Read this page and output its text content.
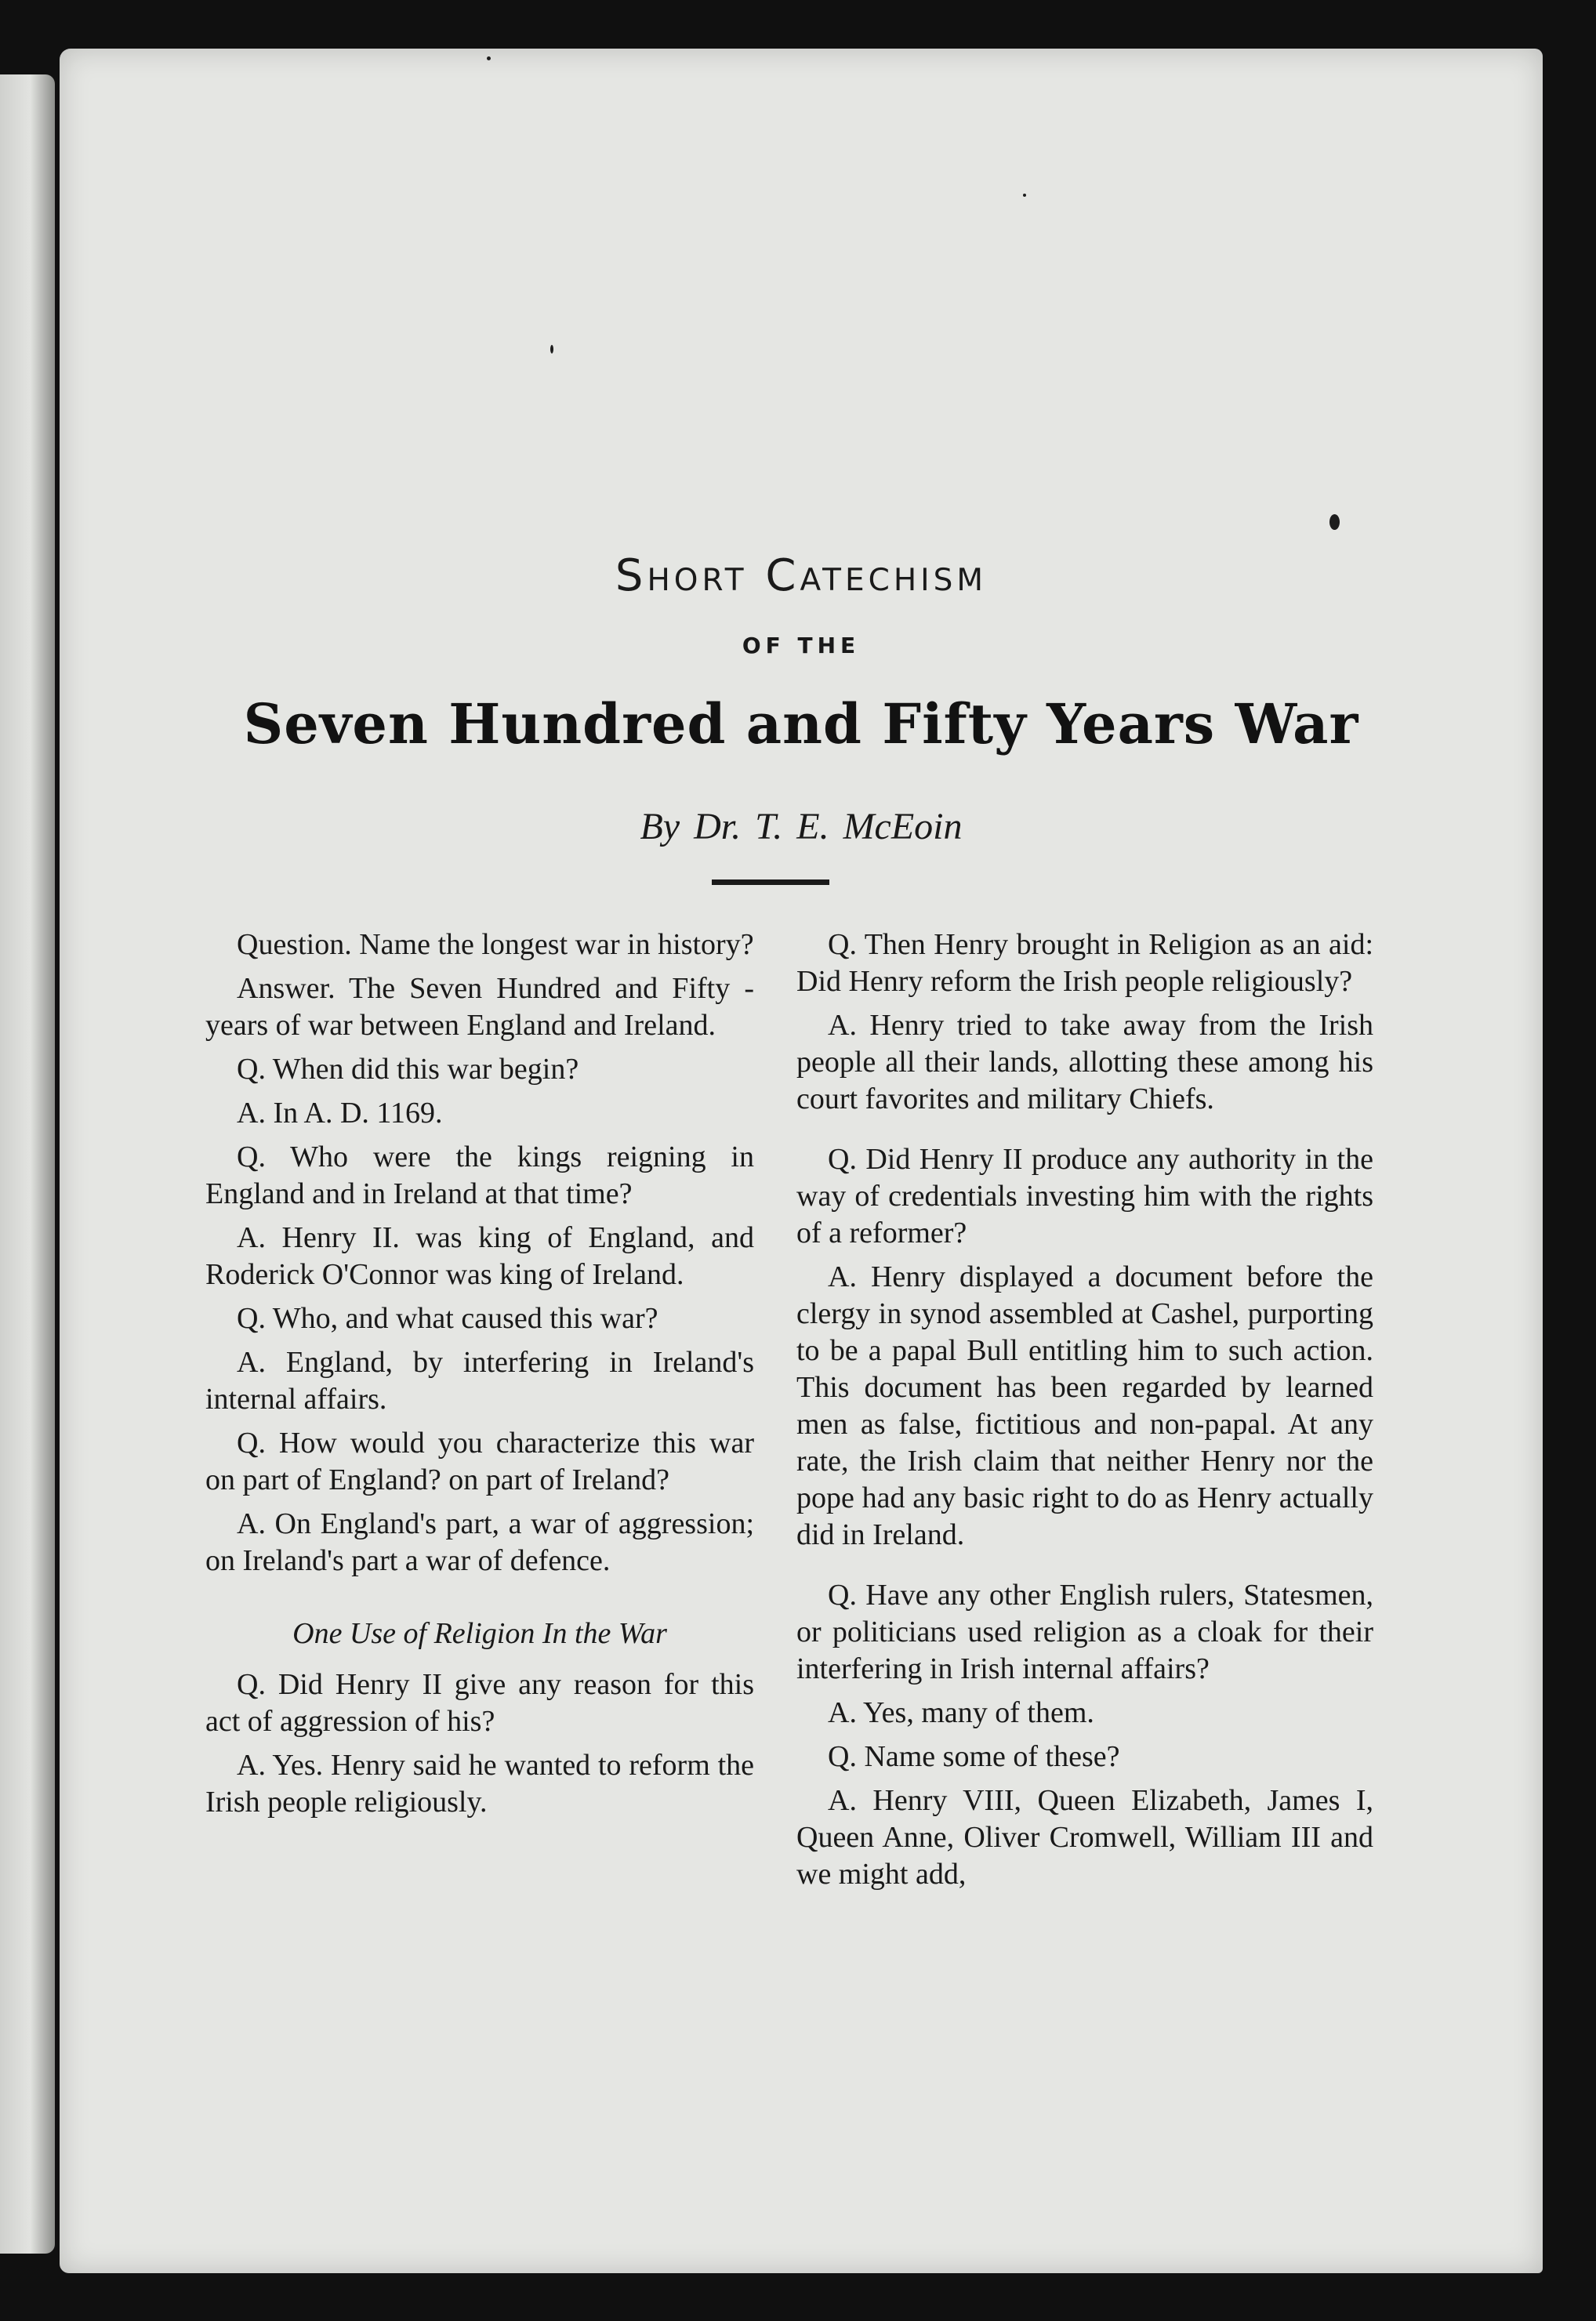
Short Catechism
OF THE
Seven Hundred and Fifty Years War
By Dr. T. E. McEoin

Question. Name the longest war in history?

Answer. The Seven Hundred and Fifty -years of war between England and Ireland.

Q. When did this war begin?

A. In A. D. 1169.

Q. Who were the kings reigning in England and in Ireland at that time?

A. Henry II. was king of England, and Roderick O'Connor was king of Ireland.

Q. Who, and what caused this war?

A. England, by interfering in Ireland's internal affairs.

Q. How would you characterize this war on part of England? on part of Ireland?

A. On England's part, a war of aggression; on Ireland's part a war of defence.

One Use of Religion In the War

Q. Did Henry II give any reason for this act of aggression of his?

A. Yes. Henry said he wanted to reform the Irish people religiously.

Q. Then Henry brought in Religion as an aid: Did Henry reform the Irish people religiously?

A. Henry tried to take away from the Irish people all their lands, allotting these among his court favorites and military Chiefs.

Q. Did Henry II produce any authority in the way of credentials investing him with the rights of a reformer?

A. Henry displayed a document before the clergy in synod assembled at Cashel, purporting to be a papal Bull entitling him to such action. This document has been regarded by learned men as false, fictitious and non-papal. At any rate, the Irish claim that neither Henry nor the pope had any basic right to do as Henry actually did in Ireland.

Q. Have any other English rulers, Statesmen, or politicians used religion as a cloak for their interfering in Irish internal affairs?

A. Yes, many of them.

Q. Name some of these?

A. Henry VIII, Queen Elizabeth, James I, Queen Anne, Oliver Cromwell, William III and we might add,
